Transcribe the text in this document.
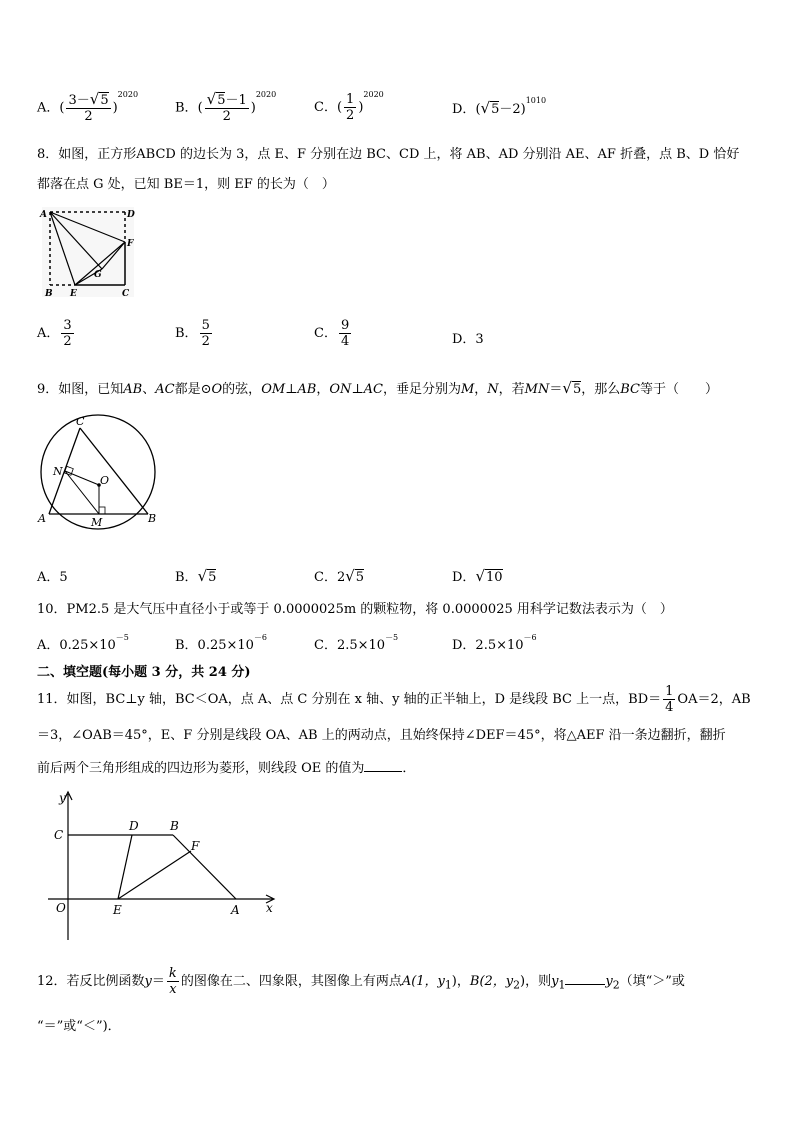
A．( $\frac{3-√5}{2} )^{2020}$
B．( $\frac{√5-1}{2} )^{2020}$
C．( $\frac{1}{2} )^{2020}$
D．$(√5-2)^{1010}$
8．如图，正方形ABCD 的边长为 3，点 E、F 分别在边 BC、CD 上，将 AB、AD 分别沿 AE、AF 折叠，点 B、D 恰好
都落在点 G 处，已知 BE＝1，则 EF 的长为（　）
A	D
F
G
B E	C
A． $\frac{3}{2}$	B． $\frac{5}{2}$	C． $\frac{9}{4}$	D．3
9．如图，已知AB、AC都是⊙O的弦，OM⊥AB，ON⊥AC，垂足分别为M，N，若MN＝√5，那么BC等于（　　）
C
N
O
A	M	B
A．5	B．√5	C．2√5	D．√10
10．PM2.5 是大气压中直径小于或等于 0.0000025m 的颗粒物，将 0.0000025 用科学记数法表示为（　）
A．$0.25\times 10^{-5}$
B．$0.25\times 10^{-6}$
C．$2.5\times 10^{-5}$
D．$2.5\times 10^{-6}$
二、填空题(每小题 3 分，共 24 分)
11．如图，BC⊥y 轴，BC＜OA，点 A、点 C 分别在 x 轴、y 轴的正半轴上，D 是线段 BC 上一点，$BD= \frac{1}{4} OA=2$，AB
＝3，∠OAB＝45°，E、F 分别是线段 OA、AB 上的两动点，且始终保持∠DEF＝45°，将△AEF 沿一条边翻折，翻折
前后两个三角形组成的四边形为菱形，则线段 OE 的值为	．
y
x
C
D	B
F
O	E	A
12．若反比例函数$y= \frac{k}{x}$ 的图像在二、四象限，其图像上有两点A(1，$y_1$)，B(2，$y_2$)，则$y_1$	$y_2$（填“＞”或
“＝”或“＜”)．
